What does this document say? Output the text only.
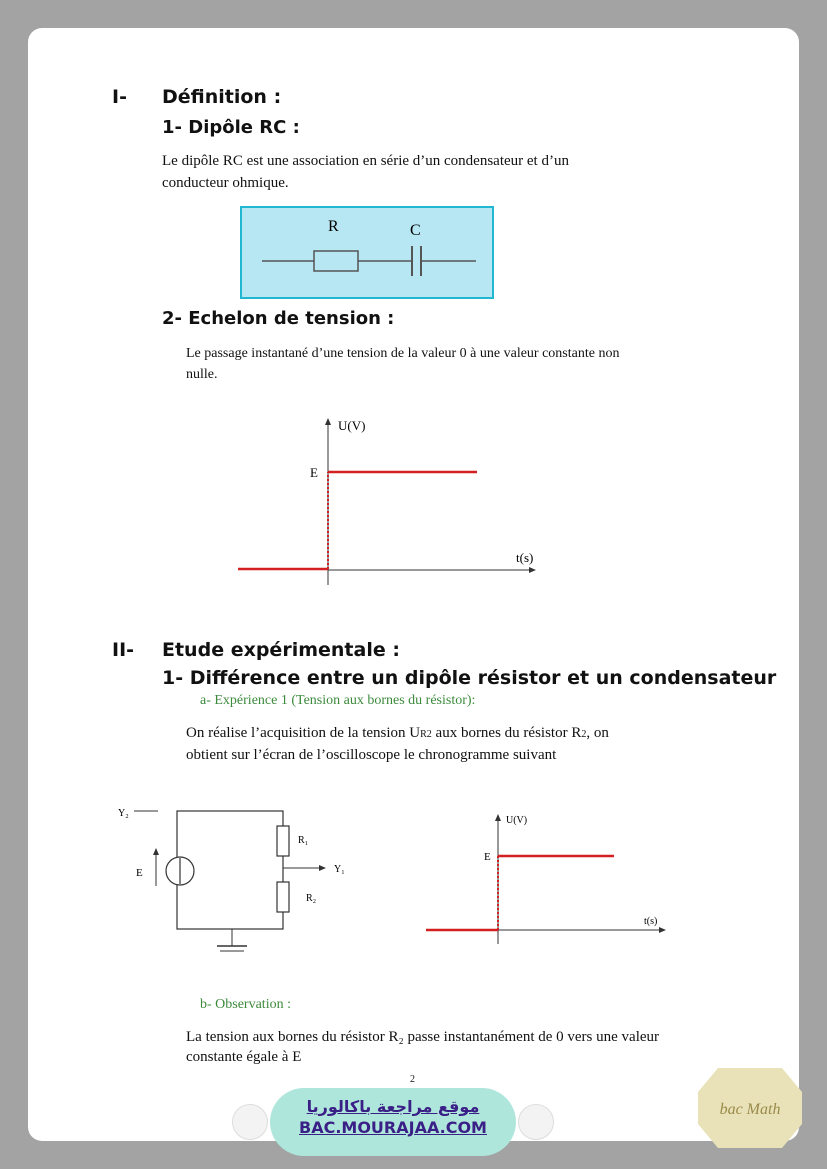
I- Définition :
1- Dipôle RC :
Le dipôle RC est une association en série d’un condensateur et d’un
conducteur ohmique.
R	C
2- Echelon de tension :
Le passage instantané d’une tension de la valeur 0 à une valeur constante non
nulle.
U(V)
t(s)
E
II- Etude expérimentale :
1- Différence entre un dipôle résistor et un condensateur
a- Expérience 1 (Tension aux bornes du résistor):
On réalise l’acquisition de la tension UR2 aux bornes du résistor R2, on
obtient sur l’écran de l’oscilloscope le chronogramme suivant
Y₂
Y₁
E
R₁
R₂
U(V)
t(s)
E
b- Observation :
La tension aux bornes du résistor R₂ passe instantanément de 0 vers une valeur
constante égale à E
2
موقع مراجعة باكالوريا
BAC.MOURAJAA.COM
bac Math
